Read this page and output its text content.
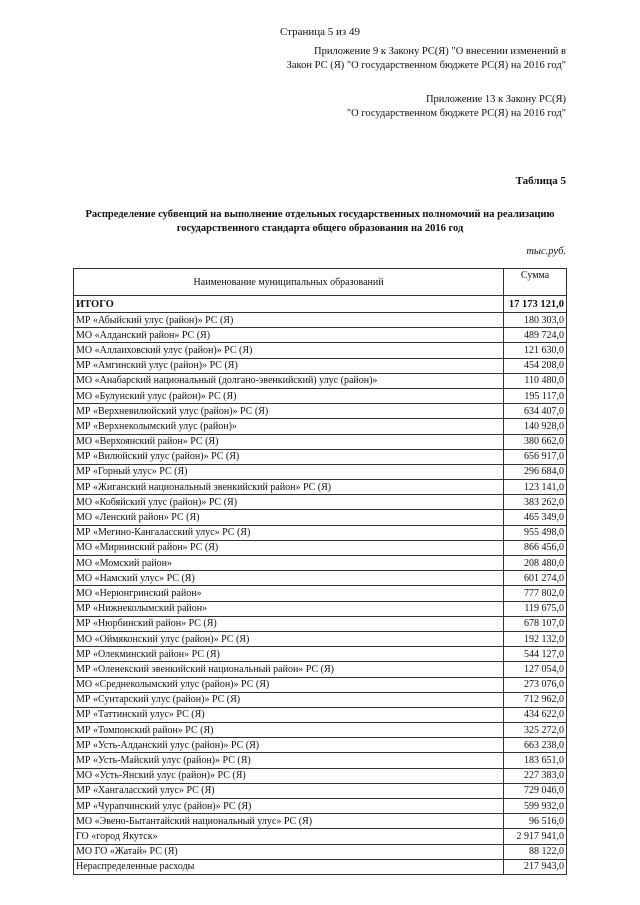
Страница 5 из 49
Приложение 9 к Закону РС(Я) "О внесении изменений в
Закон РС (Я) "О государственном бюджете РС(Я) на 2016 год"
Приложение 13 к Закону РС(Я)
"О государственном бюджете РС(Я) на 2016 год"
Таблица 5
Распределение субвенций на выполнение отдельных государственных полномочий на реализацию
государственного стандарта общего образования на 2016 год
тыс.руб.
Наименование муниципальных образований	Сумма
ИТОГО	17 173 121,0
МР «Абыйский улус (район)» РС (Я)	180 303,0
МО «Алданский район» РС (Я)	489 724,0
МО «Аллаиховский улус (район)» РС (Я)	121 630,0
МР «Амгинский улус (район)» РС (Я)	454 208,0
МО «Анабарский национальный (долгано-эвенкийский) улус (район)»	110 480,0
МО «Булунский улус (район)» РС (Я)	195 117,0
МР «Верхневилюйский улус (район)» РС (Я)	634 407,0
МР «Верхнеколымский улус (район)»	140 928,0
МО «Верхоянский район» РС (Я)	380 662,0
МР «Вилюйский улус (район)» РС (Я)	656 917,0
МР «Горный улус» РС (Я)	296 684,0
МР «Жиганский национальный эвенкийский район» РС (Я)	123 141,0
МО «Кобяйский улус (район)» РС (Я)	383 262,0
МО «Ленский район» РС (Я)	465 349,0
МР «Мегино-Кангаласский улус» РС (Я)	955 498,0
МО «Мирнинский район» РС (Я)	866 456,0
МО «Момский район»	208 480,0
МО «Намский улус» РС (Я)	601 274,0
МО «Нерюнгринский район»	777 802,0
МР «Нижнеколымский район»	119 675,0
МР «Нюрбинский район» РС (Я)	678 107,0
МО «Оймяконский улус (район)» РС (Я)	192 132,0
МР «Олекминский район» РС (Я)	544 127,0
МР «Оленекский эвенкийский национальный район» РС (Я)	127 054,0
МО «Среднеколымский улус (район)» РС (Я)	273 076,0
МР «Сунтарский улус (район)» РС (Я)	712 962,0
МР «Таттинский улус» РС (Я)	434 622,0
МР «Томпонский район» РС (Я)	325 272,0
МР «Усть-Алданский улус (район)» РС (Я)	663 238,0
МР «Усть-Майский улус (район)» РС (Я)	183 651,0
МО «Усть-Янский улус (район)» РС (Я)	227 383,0
МР «Хангаласский улус» РС (Я)	729 046,0
МР «Чурапчинский улус (район)» РС (Я)	599 932,0
МО «Эвено-Бытантайский национальный улус» РС (Я)	96 516,0
ГО «город Якутск»	2 917 941,0
МО ГО «Жатай» РС (Я)	88 122,0
Нераспределенные расходы	217 943,0
